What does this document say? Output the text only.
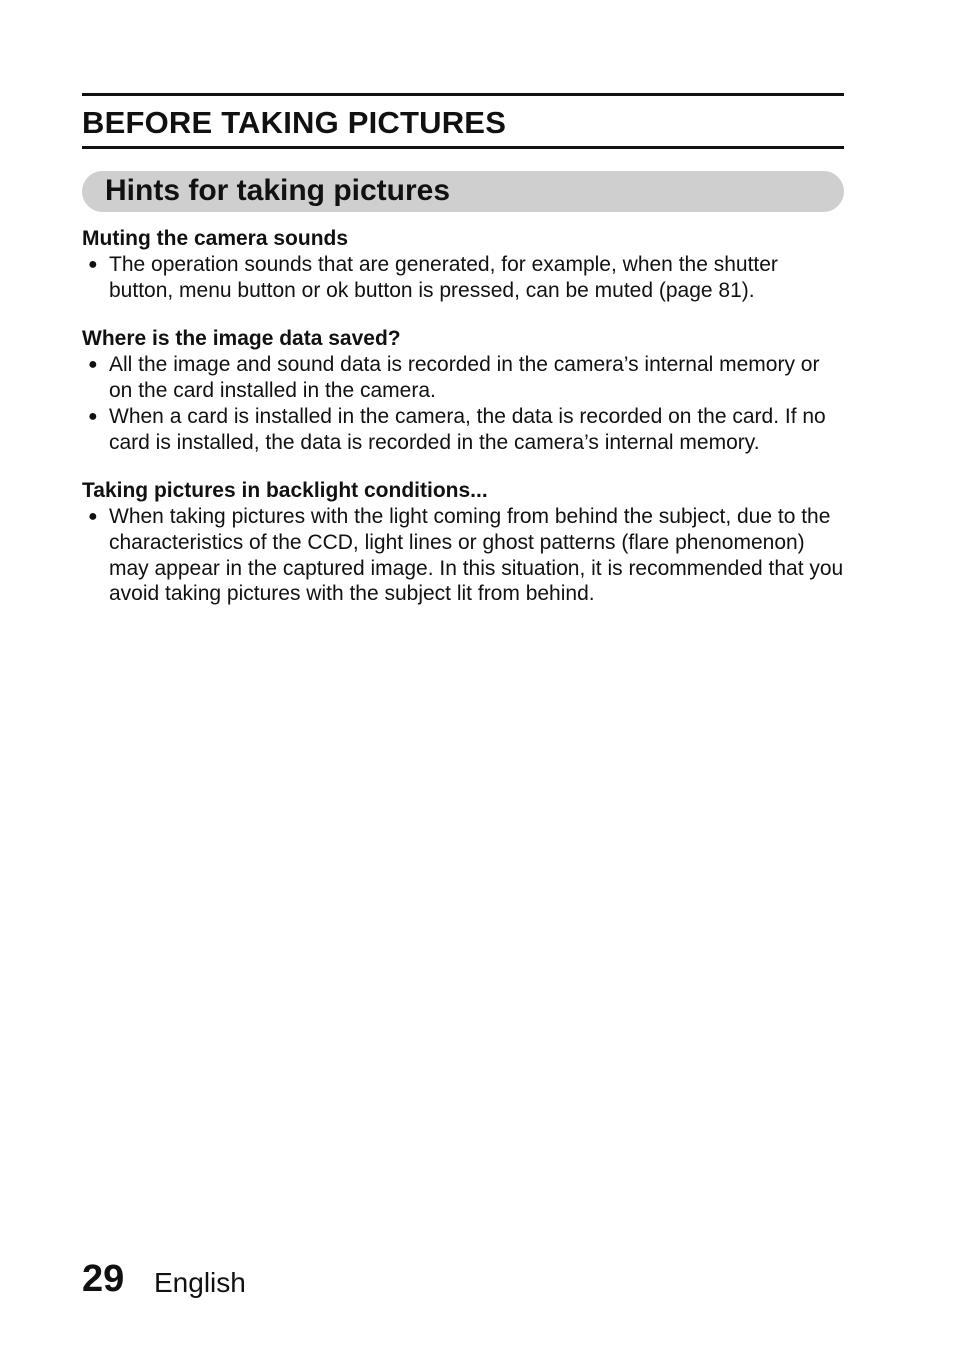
BEFORE TAKING PICTURES
Hints for taking pictures

Muting the camera sounds

● The operation sounds that are generated, for example, when the shutter button, menu button or ok button is pressed, can be muted (page 81).

Where is the image data saved?

● All the image and sound data is recorded in the camera’s internal memory or on the card installed in the camera.
● When a card is installed in the camera, the data is recorded on the card. If no card is installed, the data is recorded in the camera’s internal memory.

Taking pictures in backlight conditions...

● When taking pictures with the light coming from behind the subject, due to the characteristics of the CCD, light lines or ghost patterns (flare phenomenon) may appear in the captured image. In this situation, it is recommended that you avoid taking pictures with the subject lit from behind.
29 English
